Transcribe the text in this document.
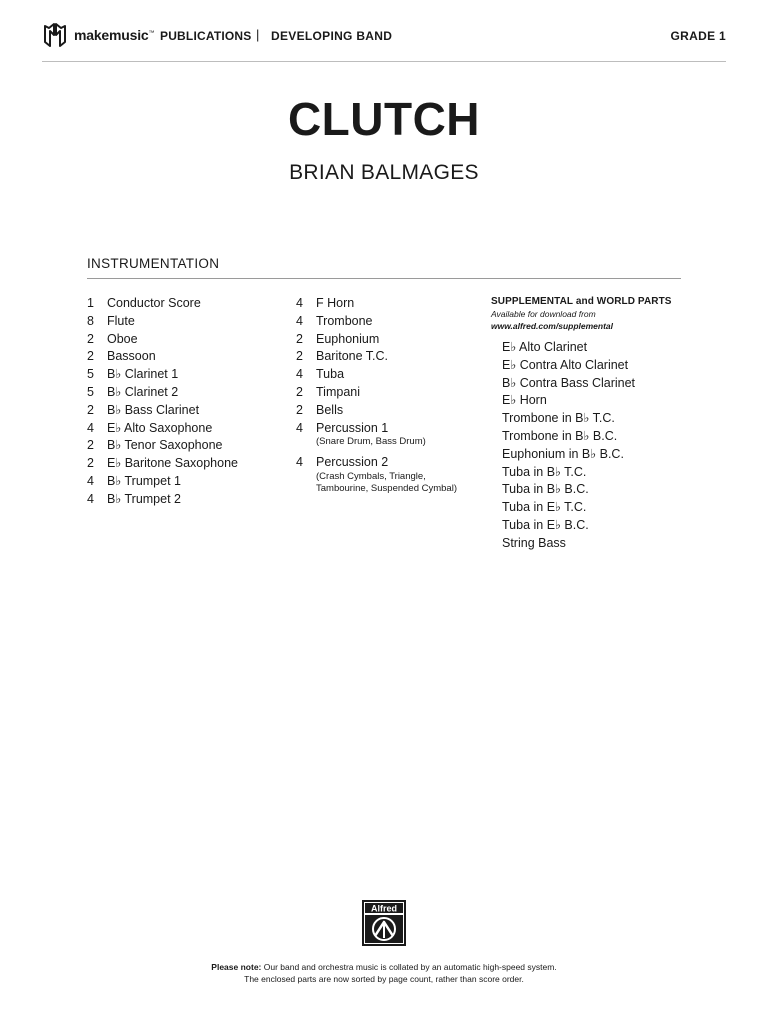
makemusic™ PUBLICATIONS | DEVELOPING BAND	GRADE 1
CLUTCH
BRIAN BALMAGES
INSTRUMENTATION
1	Conductor Score
8	Flute
2	Oboe
2	Bassoon
5	B♭ Clarinet 1
5	B♭ Clarinet 2
2	B♭ Bass Clarinet
4	E♭ Alto Saxophone
2	B♭ Tenor Saxophone
2	E♭ Baritone Saxophone
4	B♭ Trumpet 1
4	B♭ Trumpet 2
4	F Horn
4	Trombone
2	Euphonium
2	Baritone T.C.
4	Tuba
2	Timpani
2	Bells
4	Percussion 1
(Snare Drum, Bass Drum)
4	Percussion 2
(Crash Cymbals, Triangle,
Tambourine, Suspended Cymbal)
SUPPLEMENTAL and WORLD PARTS
Available for download from
www.alfred.com/supplemental
E♭ Alto Clarinet
E♭ Contra Alto Clarinet
B♭ Contra Bass Clarinet
E♭ Horn
Trombone in B♭ T.C.
Trombone in B♭ B.C.
Euphonium in B♭ B.C.
Tuba in B♭ T.C.
Tuba in B♭ B.C.
Tuba in E♭ T.C.
Tuba in E♭ B.C.
String Bass
Alfred
Please note: Our band and orchestra music is collated by an automatic high-speed system.
The enclosed parts are now sorted by page count, rather than score order.
